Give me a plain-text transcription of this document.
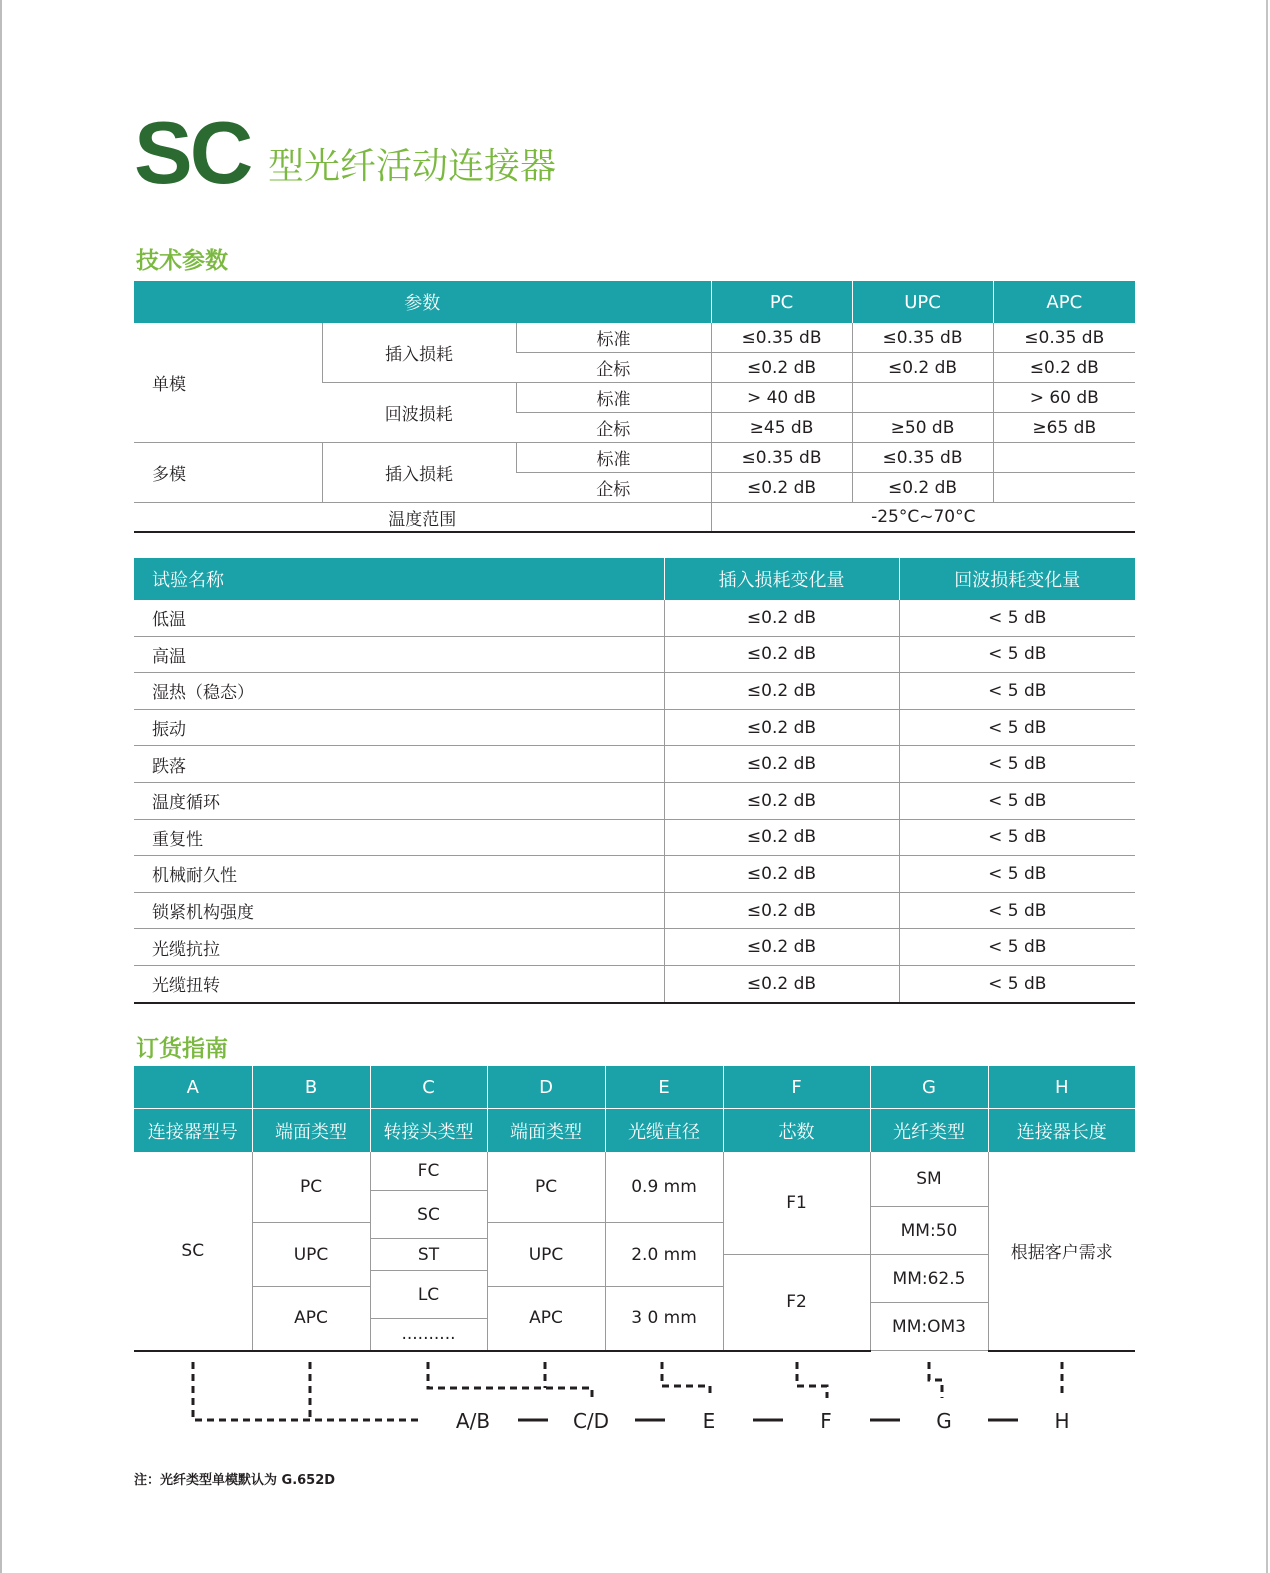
SC 型光纤活动连接器
技术参数
参数			PC	UPC	APC
单模	插入损耗	标准	≤0.35 dB	≤0.35 dB	≤0.35 dB
		企标	≤0.2 dB	≤0.2 dB	≤0.2 dB
	回波损耗	标准	> 40 dB		> 60 dB
		企标	≥45 dB	≥50 dB	≥65 dB
多模	插入损耗	标准	≤0.35 dB	≤0.35 dB	
		企标	≤0.2 dB	≤0.2 dB	
温度范围			-25°C~70°C		
试验名称	插入损耗变化量	回波损耗变化量
低温	≤0.2 dB	< 5 dB
高温	≤0.2 dB	< 5 dB
湿热（稳态）	≤0.2 dB	< 5 dB
振动	≤0.2 dB	< 5 dB
跌落	≤0.2 dB	< 5 dB
温度循环	≤0.2 dB	< 5 dB
重复性	≤0.2 dB	< 5 dB
机械耐久性	≤0.2 dB	< 5 dB
锁紧机构强度	≤0.2 dB	< 5 dB
光缆抗拉	≤0.2 dB	< 5 dB
光缆扭转	≤0.2 dB	< 5 dB
订货指南
A	B	C	D	E	F	G	H
连接器型号	端面类型	转接头类型	端面类型	光缆直径	芯数	光纤类型	连接器长度
SC	PC	FC	PC	0.9 mm	F1	SM	根据客户需求

		SC					
						MM:50	
	UPC		UPC	2.0 mm			
		ST					
					F2	MM:62.5	
		LC					
	APC		APC	3 0 mm			
						MM:OM3	
		..........					

A/B	C/D	E	F	G	H
注：光纤类型单模默认为 G.652D
